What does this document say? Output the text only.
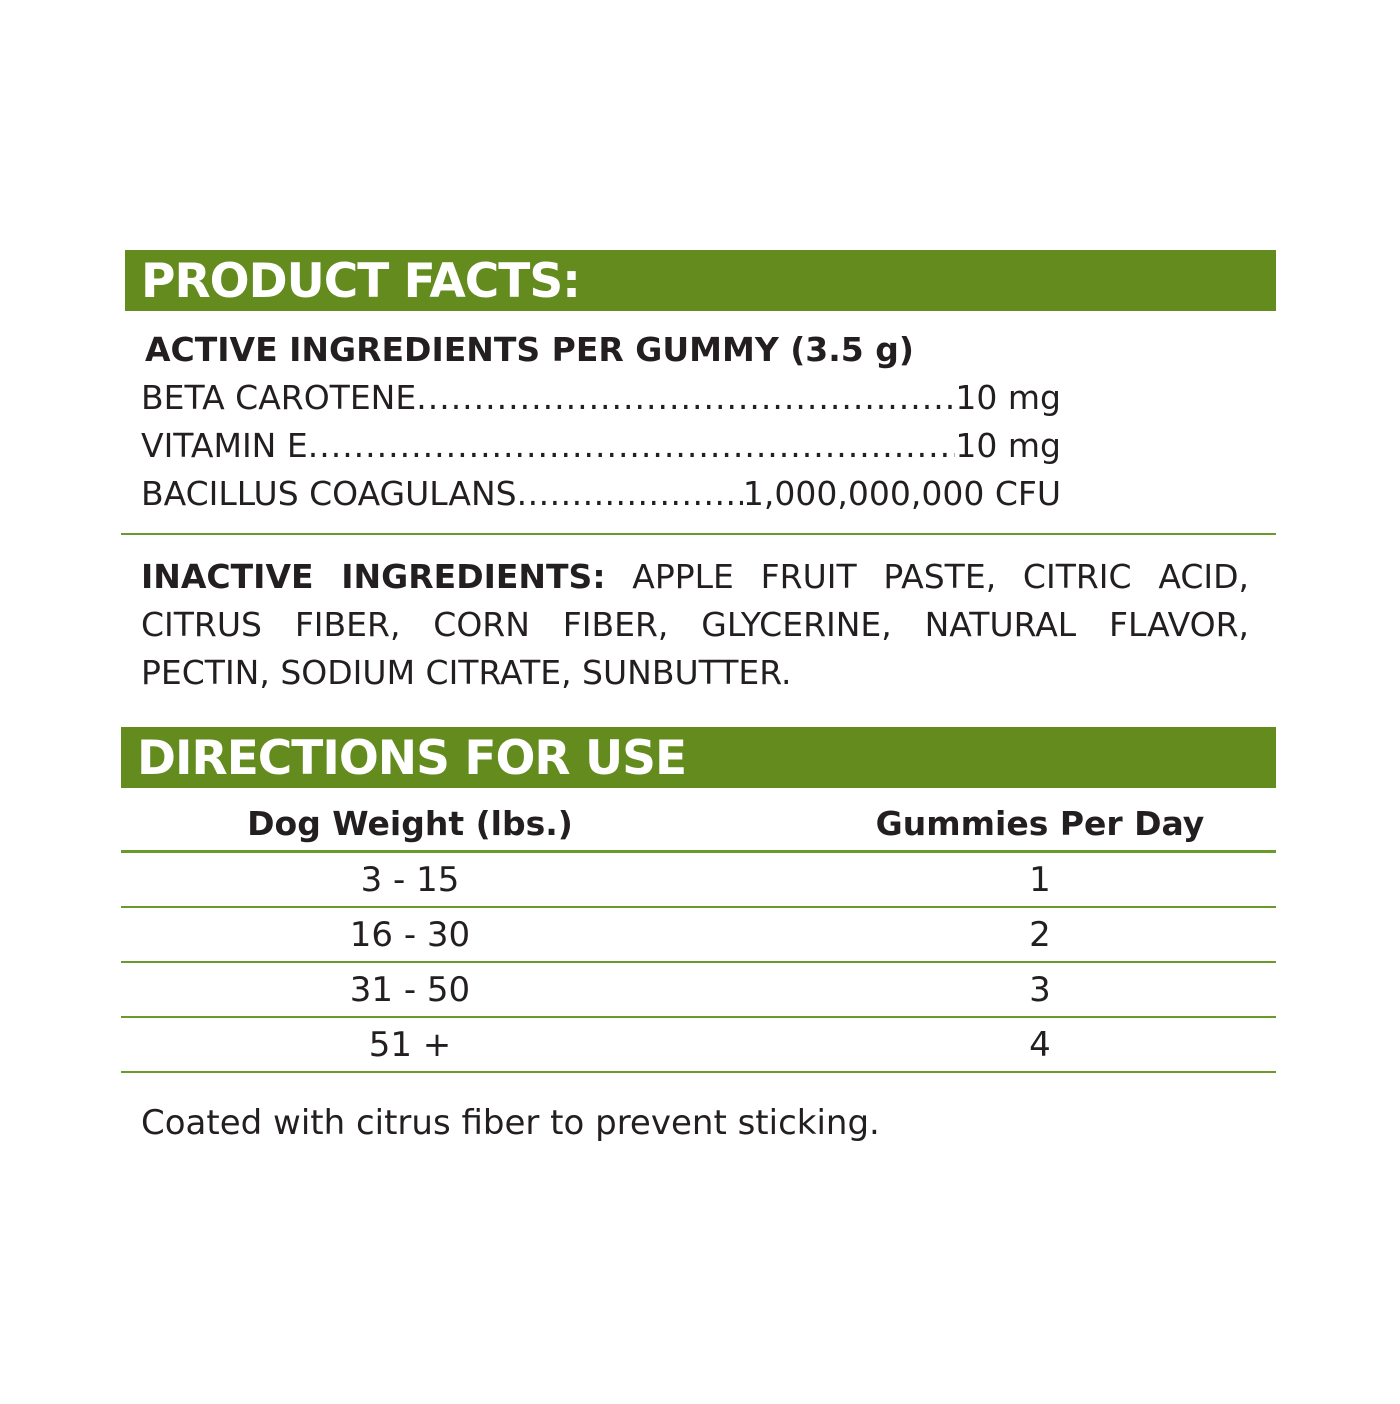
PRODUCT FACTS:
ACTIVE INGREDIENTS PER GUMMY (3.5 g)
BETA CAROTENE .....	10 mg
VITAMIN E .....	10 mg
BACILLUS COAGULANS .....	1,000,000,000 CFU
INACTIVE INGREDIENTS: APPLE FRUIT PASTE, CITRIC ACID, CITRUS FIBER, CORN FIBER, GLYCERINE, NATURAL FLAVOR, PECTIN, SODIUM CITRATE, SUNBUTTER.
DIRECTIONS FOR USE
Dog Weight (lbs.)	Gummies Per Day
3 - 15	1
16 - 30	2
31 - 50	3
51 +	4
Coated with citrus fiber to prevent sticking.
